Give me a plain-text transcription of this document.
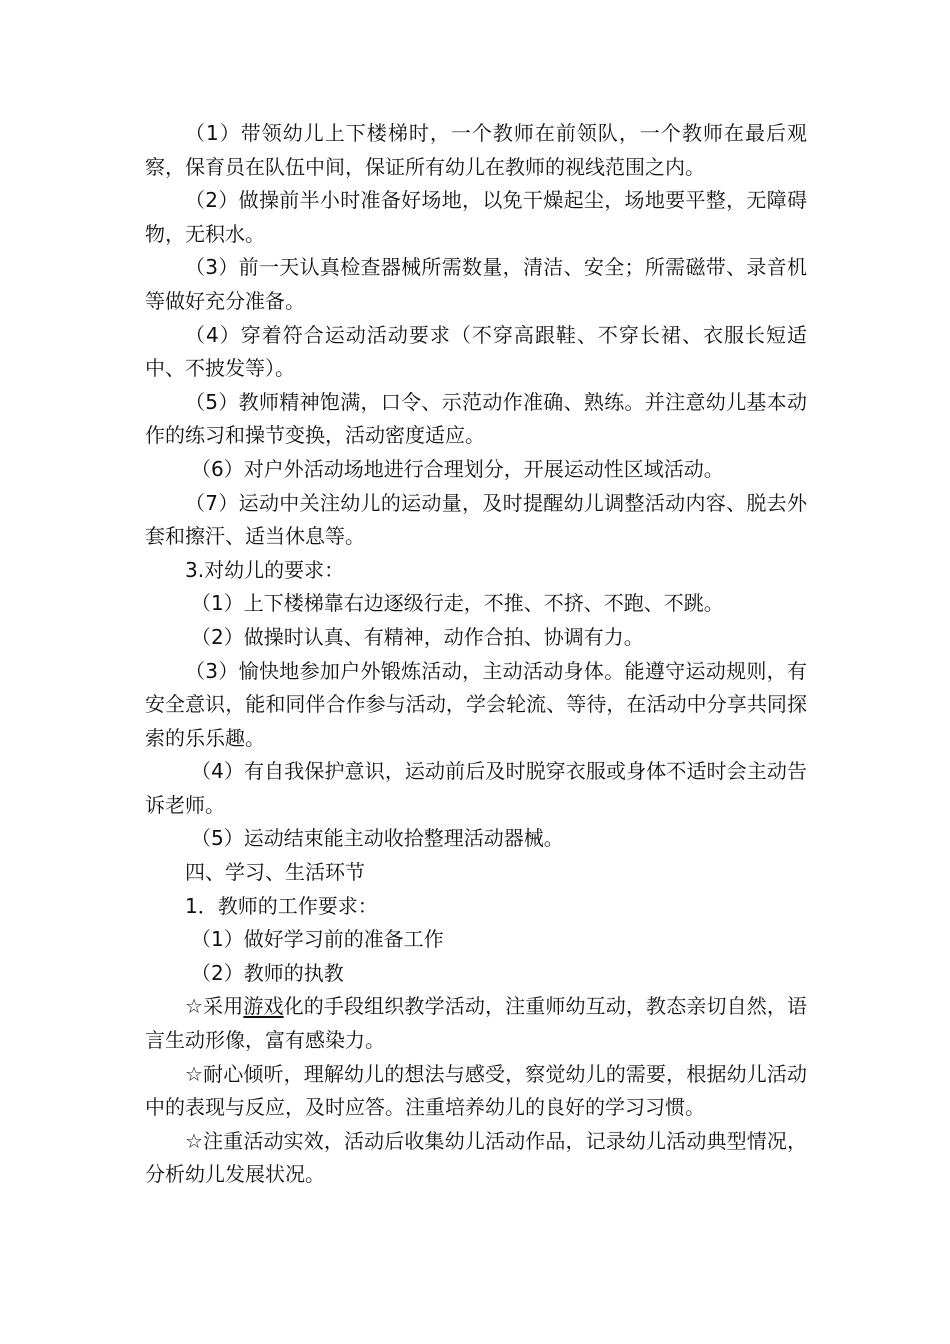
（1）带领幼儿上下楼梯时，一个教师在前领队，一个教师在最后观察，保育员在队伍中间，保证所有幼儿在教师的视线范围之内。

（2）做操前半小时准备好场地，以免干燥起尘，场地要平整，无障碍物，无积水。

（3）前一天认真检查器械所需数量，清洁、安全；所需磁带、录音机等做好充分准备。

（4）穿着符合运动活动要求（不穿高跟鞋、不穿长裙、衣服长短适中、不披发等）。

（5）教师精神饱满，口令、示范动作准确、熟练。并注意幼儿基本动作的练习和操节变换，活动密度适应。

（6）对户外活动场地进行合理划分，开展运动性区域活动。

（7）运动中关注幼儿的运动量，及时提醒幼儿调整活动内容、脱去外套和擦汗、适当休息等。

3.对幼儿的要求：

（1）上下楼梯靠右边逐级行走，不推、不挤、不跑、不跳。

（2）做操时认真、有精神，动作合拍、协调有力。

（3）愉快地参加户外锻炼活动，主动活动身体。能遵守运动规则，有安全意识，能和同伴合作参与活动，学会轮流、等待，在活动中分享共同探索的乐乐趣。

（4）有自我保护意识，运动前后及时脱穿衣服或身体不适时会主动告诉老师。

（5）运动结束能主动收拾整理活动器械。

四、学习、生活环节

1．教师的工作要求：

（1）做好学习前的准备工作

（2）教师的执教

☆采用游戏化的手段组织教学活动，注重师幼互动，教态亲切自然，语言生动形像，富有感染力。

☆耐心倾听，理解幼儿的想法与感受，察觉幼儿的需要，根据幼儿活动中的表现与反应，及时应答。注重培养幼儿的良好的学习习惯。

☆注重活动实效，活动后收集幼儿活动作品，记录幼儿活动典型情况，分析幼儿发展状况。
